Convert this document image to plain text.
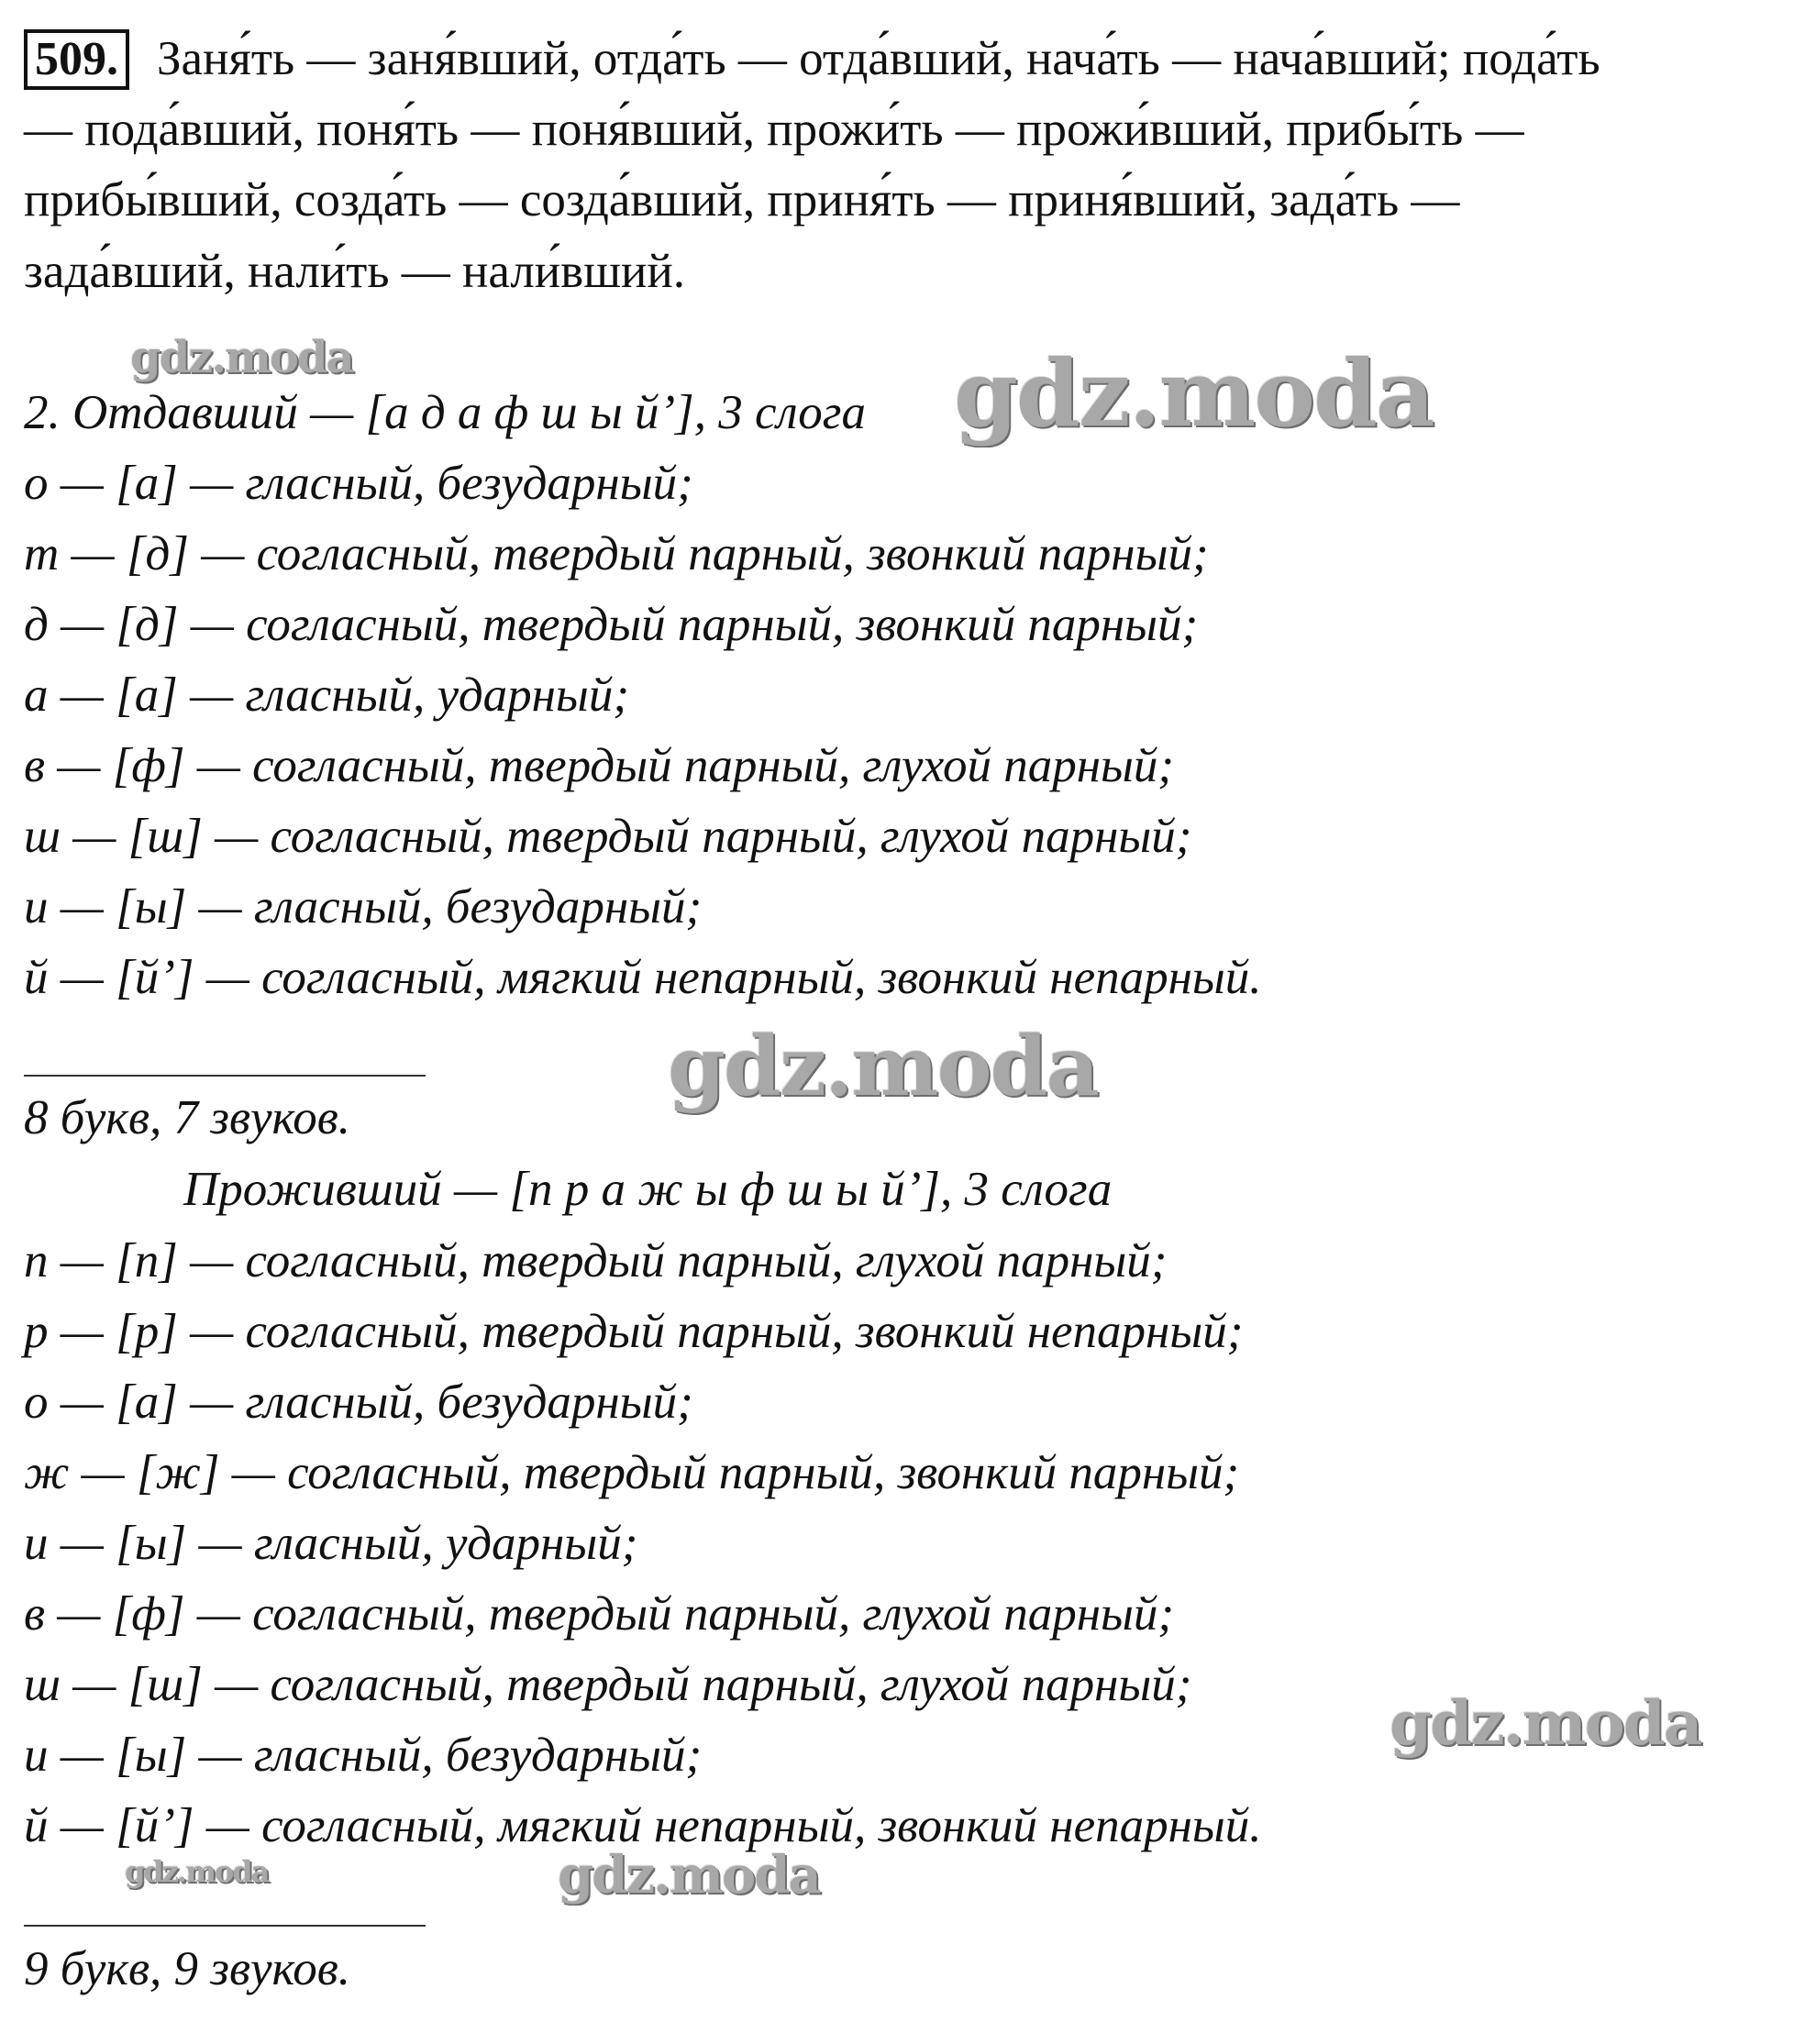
509. Заня́ть — заня́вший, отда́ть — отда́вший, нача́ть — нача́вший; пода́ть
— пода́вший, поня́ть — поня́вший, прожи́ть — прожи́вший, прибы́ть —
прибы́вший, созда́ть — созда́вший, приня́ть — приня́вший, зада́ть —
зада́вший, нали́ть — нали́вший.
2. Отдавший — [а д а ф ш ы й’], 3 слога
о — [а] — гласный, безударный;
т — [д] — согласный, твердый парный, звонкий парный;
д — [д] — согласный, твердый парный, звонкий парный;
а — [а] — гласный, ударный;
в — [ф] — согласный, твердый парный, глухой парный;
ш — [ш] — согласный, твердый парный, глухой парный;
и — [ы] — гласный, безударный;
й — [й’] — согласный, мягкий непарный, звонкий непарный.
8 букв, 7 звуков.
Проживший — [п р а ж ы ф ш ы й’], 3 слога
п — [п] — согласный, твердый парный, глухой парный;
р — [р] — согласный, твердый парный, звонкий непарный;
о — [а] — гласный, безударный;
ж — [ж] — согласный, твердый парный, звонкий парный;
и — [ы] — гласный, ударный;
в — [ф] — согласный, твердый парный, глухой парный;
ш — [ш] — согласный, твердый парный, глухой парный;
и — [ы] — гласный, безударный;
й — [й’] — согласный, мягкий непарный, звонкий непарный.
9 букв, 9 звуков.
gdz.moda	gdz.moda
gdz.moda
gdz.moda
gdz.moda	gdz.moda
